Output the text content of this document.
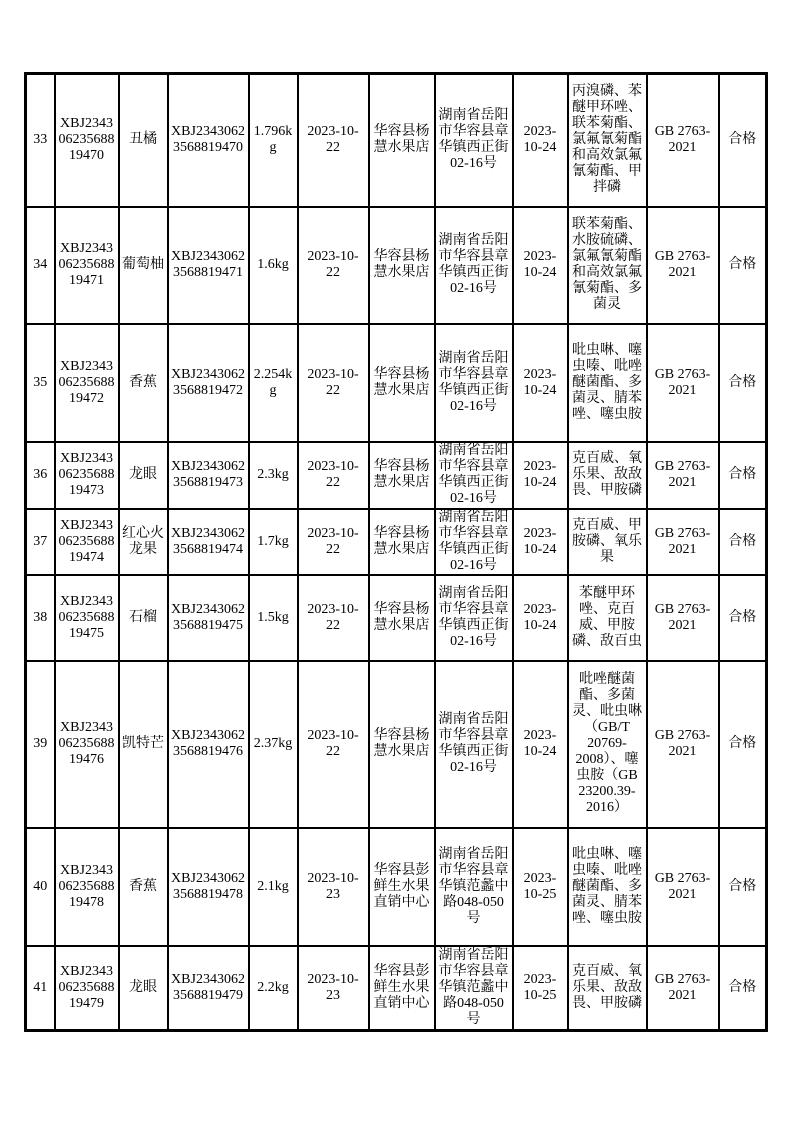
33	XBJ23430623568819470	丑橘	XBJ23430623568819470	1.796kg	2023-10-22	华容县杨慧水果店	湖南省岳阳市华容县章华镇西正街02-16号	2023-10-24	丙溴磷、苯醚甲环唑、联苯菊酯、氯氟氰菊酯和高效氯氟氰菊酯、甲拌磷	GB 2763-2021	合格
34	XBJ23430623568819471	葡萄柚	XBJ23430623568819471	1.6kg	2023-10-22	华容县杨慧水果店	湖南省岳阳市华容县章华镇西正街02-16号	2023-10-24	联苯菊酯、水胺硫磷、氯氟氰菊酯和高效氯氟氰菊酯、多菌灵	GB 2763-2021	合格
35	XBJ23430623568819472	香蕉	XBJ23430623568819472	2.254kg	2023-10-22	华容县杨慧水果店	湖南省岳阳市华容县章华镇西正街02-16号	2023-10-24	吡虫啉、噻虫嗪、吡唑醚菌酯、多菌灵、腈苯唑、噻虫胺	GB 2763-2021	合格
36	XBJ23430623568819473	龙眼	XBJ23430623568819473	2.3kg	2023-10-22	华容县杨慧水果店	湖南省岳阳市华容县章华镇西正街02-16号	2023-10-24	克百威、氧乐果、敌敌畏、甲胺磷	GB 2763-2021	合格
37	XBJ23430623568819474	红心火龙果	XBJ23430623568819474	1.7kg	2023-10-22	华容县杨慧水果店	湖南省岳阳市华容县章华镇西正街02-16号	2023-10-24	克百威、甲胺磷、氧乐果	GB 2763-2021	合格
38	XBJ23430623568819475	石榴	XBJ23430623568819475	1.5kg	2023-10-22	华容县杨慧水果店	湖南省岳阳市华容县章华镇西正街02-16号	2023-10-24	苯醚甲环唑、克百威、甲胺磷、敌百虫	GB 2763-2021	合格
39	XBJ23430623568819476	凯特芒	XBJ23430623568819476	2.37kg	2023-10-22	华容县杨慧水果店	湖南省岳阳市华容县章华镇西正街02-16号	2023-10-24	吡唑醚菌酯、多菌灵、吡虫啉（GB/T 20769-2008）、噻虫胺（GB 23200.39-2016）	GB 2763-2021	合格
40	XBJ23430623568819478	香蕉	XBJ23430623568819478	2.1kg	2023-10-23	华容县彭鲜生水果直销中心	湖南省岳阳市华容县章华镇范蠡中路048-050号	2023-10-25	吡虫啉、噻虫嗪、吡唑醚菌酯、多菌灵、腈苯唑、噻虫胺	GB 2763-2021	合格
41	XBJ23430623568819479	龙眼	XBJ23430623568819479	2.2kg	2023-10-23	华容县彭鲜生水果直销中心	湖南省岳阳市华容县章华镇范蠡中路048-050号	2023-10-25	克百威、氧乐果、敌敌畏、甲胺磷	GB 2763-2021	合格
